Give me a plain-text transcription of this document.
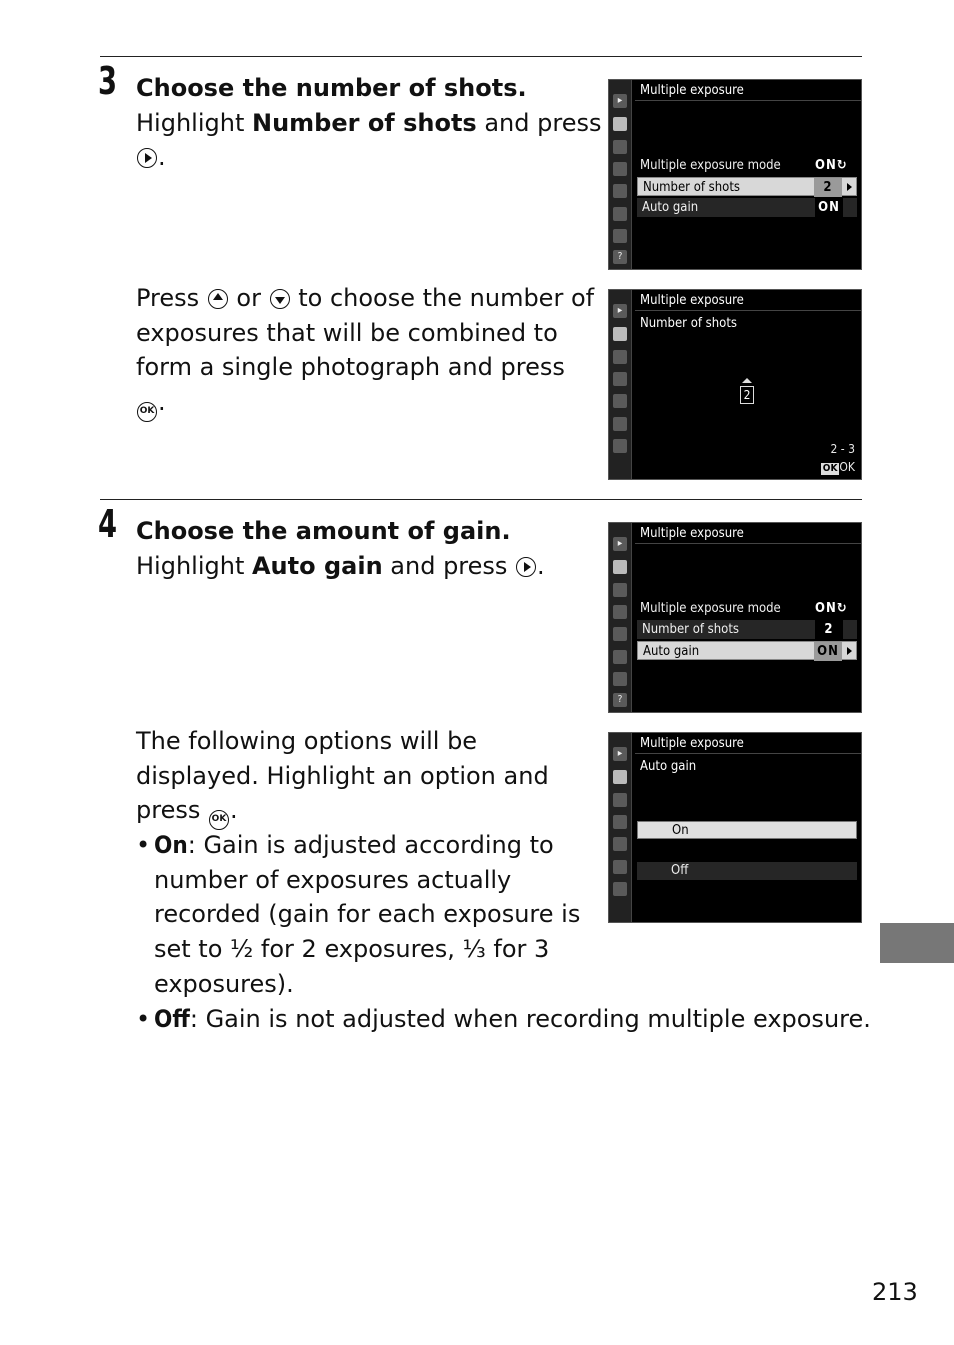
3 Choose the number of shots.
Highlight Number of shots and press
.
Press
or
to choose the number of
exposures that will be combined to
form a single photograph and press
OK .
▸
?
Multiple exposure
Multiple exposure mode	ON↻
Number of shots	2
Auto gain	ON
▸
Multiple exposure
Number of shots
2
2 - 3
OK OK
4 Choose the amount of gain.
Highlight Auto gain and press
.
The following options will be
displayed. Highlight an option and
press OK .
• On: Gain is adjusted according to
number of exposures actually
recorded (gain for each exposure is
set to ½ for 2 exposures, ⅓ for 3
exposures).
• Off: Gain is not adjusted when recording multiple exposure.
▸
?
Multiple exposure
Multiple exposure mode	ON↻
Number of shots	2
Auto gain	ON
▸
Multiple exposure
Auto gain
On
Off
213
